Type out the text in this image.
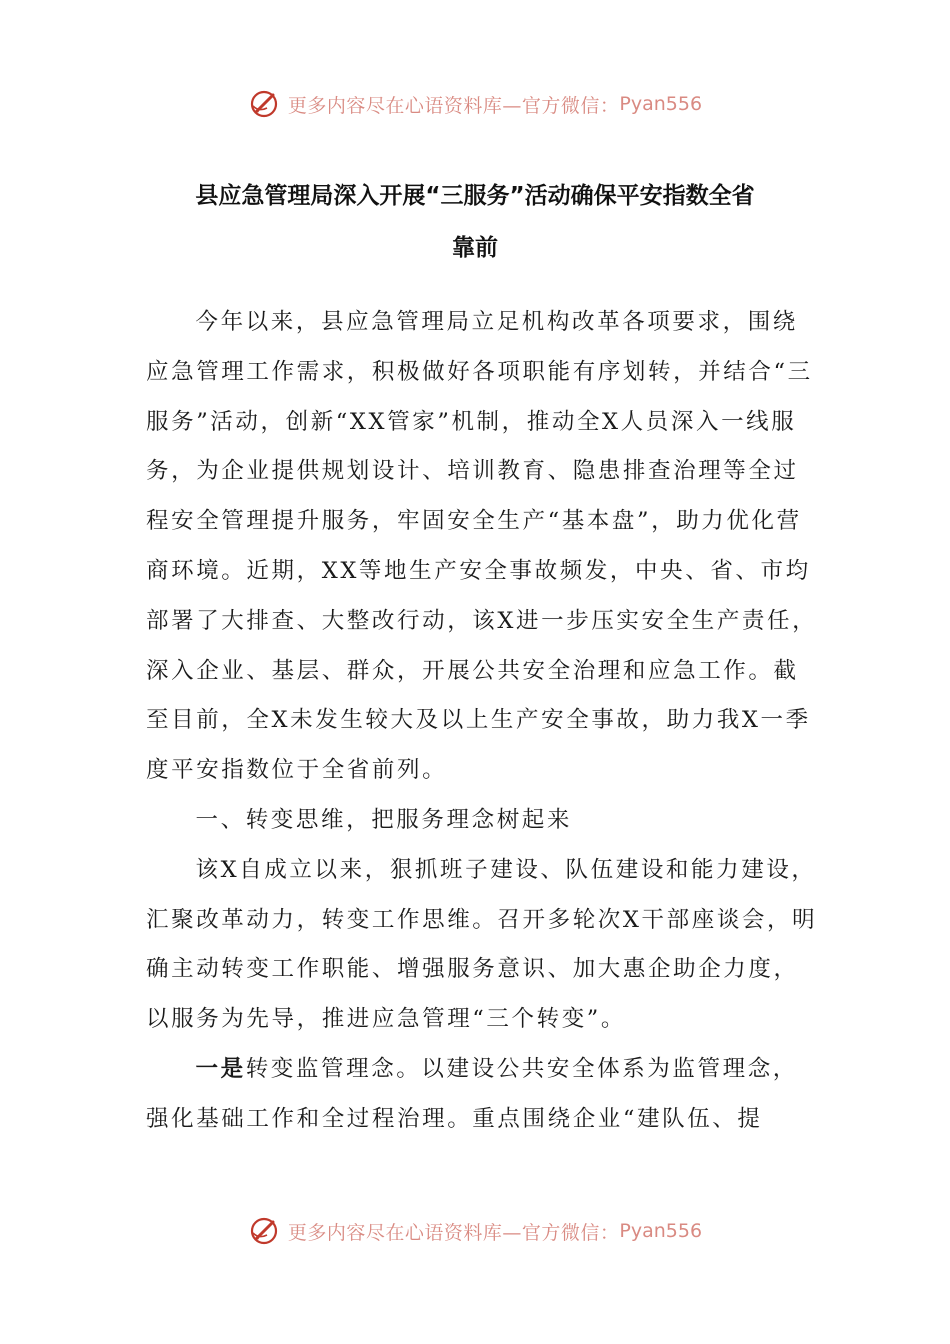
更多内容尽在心语资料库—官方微信： Pyan556
县应急管理局深入开展“三服务”活动确保平安指数全省
靠前

今年以来，县应急管理局立足机构改革各项要求，围绕应急管理工作需求，积极做好各项职能有序划转，并结合“三服务”活动，创新“XX管家”机制，推动全X人员深入一线服务，为企业提供规划设计、培训教育、隐患排查治理等全过程安全管理提升服务，牢固安全生产“基本盘”，助力优化营商环境。近期，XX等地生产安全事故频发，中央、省、市均部署了大排查、大整改行动，该X进一步压实安全生产责任，深入企业、基层、群众，开展公共安全治理和应急工作。截至目前，全X未发生较大及以上生产安全事故，助力我X一季度平安指数位于全省前列。

一、转变思维，把服务理念树起来

该X自成立以来，狠抓班子建设、队伍建设和能力建设，汇聚改革动力，转变工作思维。召开多轮次X干部座谈会，明确主动转变工作职能、增强服务意识、加大惠企助企力度，以服务为先导，推进应急管理“三个转变”。

一是转变监管理念。以建设公共安全体系为监管理念，强化基础工作和全过程治理。重点围绕企业“建队伍、提

更多内容尽在心语资料库—官方微信： Pyan556
